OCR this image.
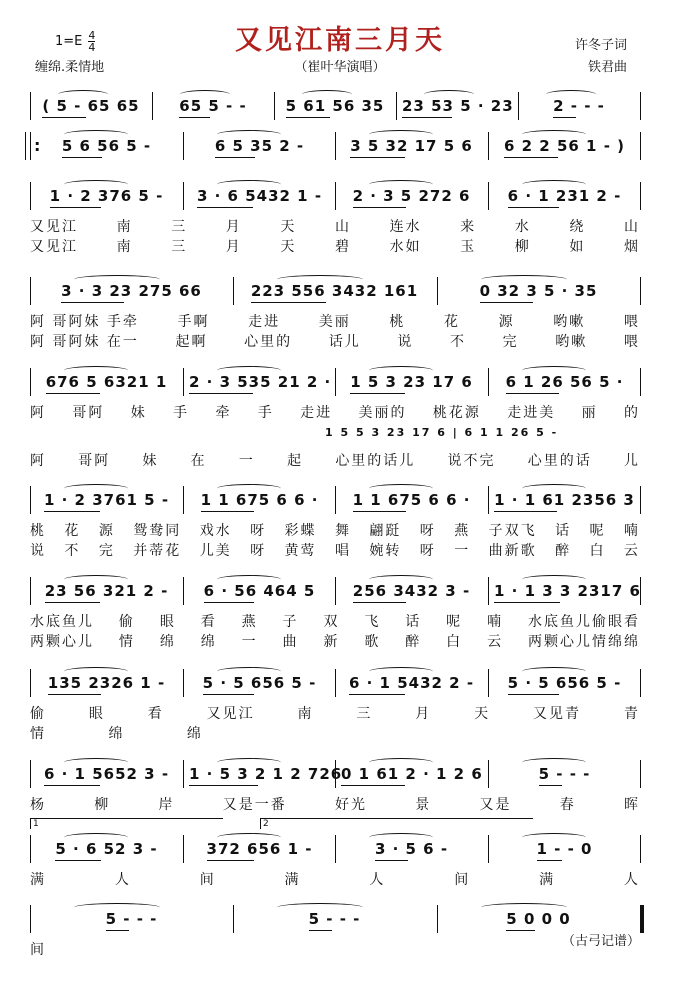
又见江南三月天
$1=E \frac{4}{4}$
缠绵.柔情地	（崔叶华演唱）
许冬子词
铁君曲
( 5 - 65 65	65 5 - -	5 61 56 35 23 53 5 · 23	2 - - -
:
5 6 56 5 -	6 5 35 2 -	3 5 32 17 5 6 6 2 2 56 1 - )
1 · 2 376 5 - 3 · 6 5432 1 - 2 · 3 5 272 6 6 · 1 231 2 -
又见江	南	三	月	天	山	连水	来	水	绕	山
又见江	南	三	月	天	碧	水如	玉	柳	如	烟
3 · 3 23 275 66	223 556 3432 161	0 32 3 5 · 35
阿 哥阿妹 手牵	手啊	走进	美丽	桃	花	源	哟嗽	喂
阿 哥阿妹 在一	起啊	心里的	话儿	说	不	完	哟嗽	喂
676 5 6321 1 2 · 3 535 21 2 · 1 5 3 23 17 6 6 1 26 56 5 ·
阿 哥阿 妹 手 牵 手 走进 美丽的 桃花源 走进美 丽 的
1 5 5 3 23 17 6 | 6 1 1 26 5 -
阿 哥阿 妹 在 一 起 心里的话儿 说不完 心里的话 儿
1 · 2 3761 5 - 1 1 675 6 6 · 1 1 675 6 6 · 1 · 1 61 2356 3
桃 花 源 鸳鸯同 戏水 呀 彩蝶 舞 翩跹 呀 燕 子双飞 话 呢 喃
说 不 完 并蒂花 儿美 呀 黄莺 唱 婉转 呀 一 曲新歌 醉 白 云
23 56 321 2 - 6 · 56 464 5 256 3432 3 - 1 · 1 3 3 2317 6
水底鱼儿 偷 眼 看 燕 子 双 飞 话 呢 喃 水底鱼儿偷眼看
两颗心儿 情 绵 绵 一 曲 新 歌 醉 白 云 两颗心儿情绵绵
135 2326 1 - 5 · 5 656 5 - 6 · 1 5432 2 - 5 · 5 656 5 -
偷	眼	看	又见江	南	三	月	天	又见青	青
情	绵	绵
6 · 1 5652 3 - 1 · 5 3 2 1 2 726
0 1 61 2 · 1 2 6	5 - - -
1	2
杨	柳	岸	又是一番	好光	景	又是	春	晖
5 · 6 52 3 -	372 656 1 -	3 · 5 6 -	1 - - 0
满	人	间	满	人	间	满	人
5 - - -	5 - - -	5 0 0 0
间
（古弓记谱）
